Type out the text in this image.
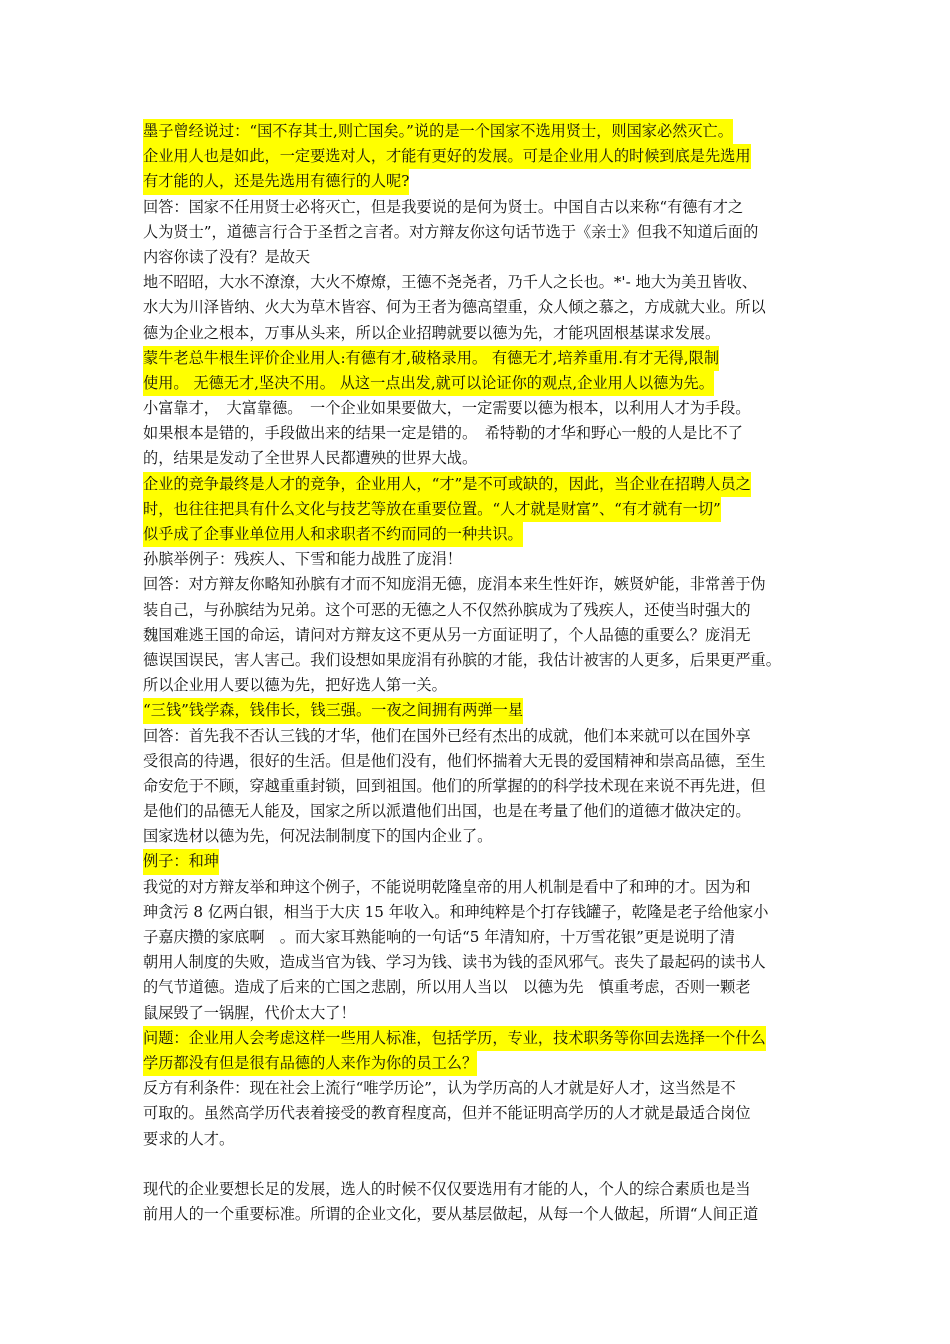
墨子曾经说过：“国不存其士,则亡国矣。”说的是一个国家不选用贤士，则国家必然灭亡。
企业用人也是如此，一定要选对人，才能有更好的发展。可是企业用人的时候到底是先选用
有才能的人，还是先选用有德行的人呢?
回答：国家不任用贤士必将灭亡，但是我要说的是何为贤士。中国自古以来称“有德有才之
人为贤士”，道德言行合于圣哲之言者。对方辩友你这句话节选于《亲士》但我不知道后面的
内容你读了没有？是故天
地不昭昭，大水不潦潦，大火不燎燎，王德不尧尧者，乃千人之长也。*'- 地大为美丑皆收、
水大为川泽皆纳、火大为草木皆容、何为王者为德高望重，众人倾之慕之，方成就大业。所以
德为企业之根本，万事从头来，所以企业招聘就要以德为先，才能巩固根基谋求发展。
蒙牛老总牛根生评价企业用人:有德有才,破格录用。 有德无才,培养重用.有才无得,限制
使用。 无德无才,坚决不用。 从这一点出发,就可以论证你的观点,企业用人以德为先。
小富靠才，　大富靠德。　一个企业如果要做大，一定需要以德为根本，以利用人才为手段。
如果根本是错的，手段做出来的结果一定是错的。　希特勒的才华和野心一般的人是比不了
的，结果是发动了全世界人民都遭殃的世界大战。
企业的竞争最终是人才的竞争，企业用人，“才”是不可或缺的，因此，当企业在招聘人员之
时，也往往把具有什么文化与技艺等放在重要位置。“人才就是财富”、“有才就有一切”
似乎成了企事业单位用人和求职者不约而同的一种共识。
孙膑举例子：残疾人、下雪和能力战胜了庞涓！
回答：对方辩友你略知孙膑有才而不知庞涓无德，庞涓本来生性奸诈，嫉贤妒能，非常善于伪
装自己，与孙膑结为兄弟。这个可恶的无德之人不仅然孙膑成为了残疾人，还使当时强大的
魏国难逃王国的命运，请问对方辩友这不更从另一方面证明了，个人品德的重要么？庞涓无
德误国误民，害人害己。我们设想如果庞涓有孙膑的才能，我估计被害的人更多，后果更严重。
所以企业用人要以德为先，把好选人第一关。
“三钱”钱学森，钱伟长，钱三强。一夜之间拥有两弹一星
回答：首先我不否认三钱的才华，他们在国外已经有杰出的成就，他们本来就可以在国外享
受很高的待遇，很好的生活。但是他们没有，他们怀揣着大无畏的爱国精神和崇高品德，至生
命安危于不顾，穿越重重封锁，回到祖国。他们的所掌握的的科学技术现在来说不再先进，但
是他们的品德无人能及，国家之所以派遣他们出国，也是在考量了他们的道德才做决定的。
国家选材以德为先，何况法制制度下的国内企业了。
例子：和珅
我觉的对方辩友举和珅这个例子，不能说明乾隆皇帝的用人机制是看中了和珅的才。因为和
珅贪污 8 亿两白银，相当于大庆 15 年收入。和珅纯粹是个打存钱罐子，乾隆是老子给他家小
子嘉庆攒的家底啊　。而大家耳熟能响的一句话“5 年清知府，十万雪花银”更是说明了清
朝用人制度的失败，造成当官为钱、学习为钱、读书为钱的歪风邪气。丧失了最起码的读书人
的气节道德。造成了后来的亡国之悲剧，所以用人当以　以德为先　慎重考虑，否则一颗老
鼠屎毁了一锅腥，代价太大了！
问题：企业用人会考虑这样一些用人标准，包括学历，专业，技术职务等你回去选择一个什么
学历都没有但是很有品德的人来作为你的员工么？
反方有利条件：现在社会上流行“唯学历论”，认为学历高的人才就是好人才，这当然是不
可取的。虽然高学历代表着接受的教育程度高，但并不能证明高学历的人才就是最适合岗位
要求的人才。
现代的企业要想长足的发展，选人的时候不仅仅要选用有才能的人，个人的综合素质也是当
前用人的一个重要标准。所谓的企业文化，要从基层做起，从每一个人做起，所谓“人间正道
